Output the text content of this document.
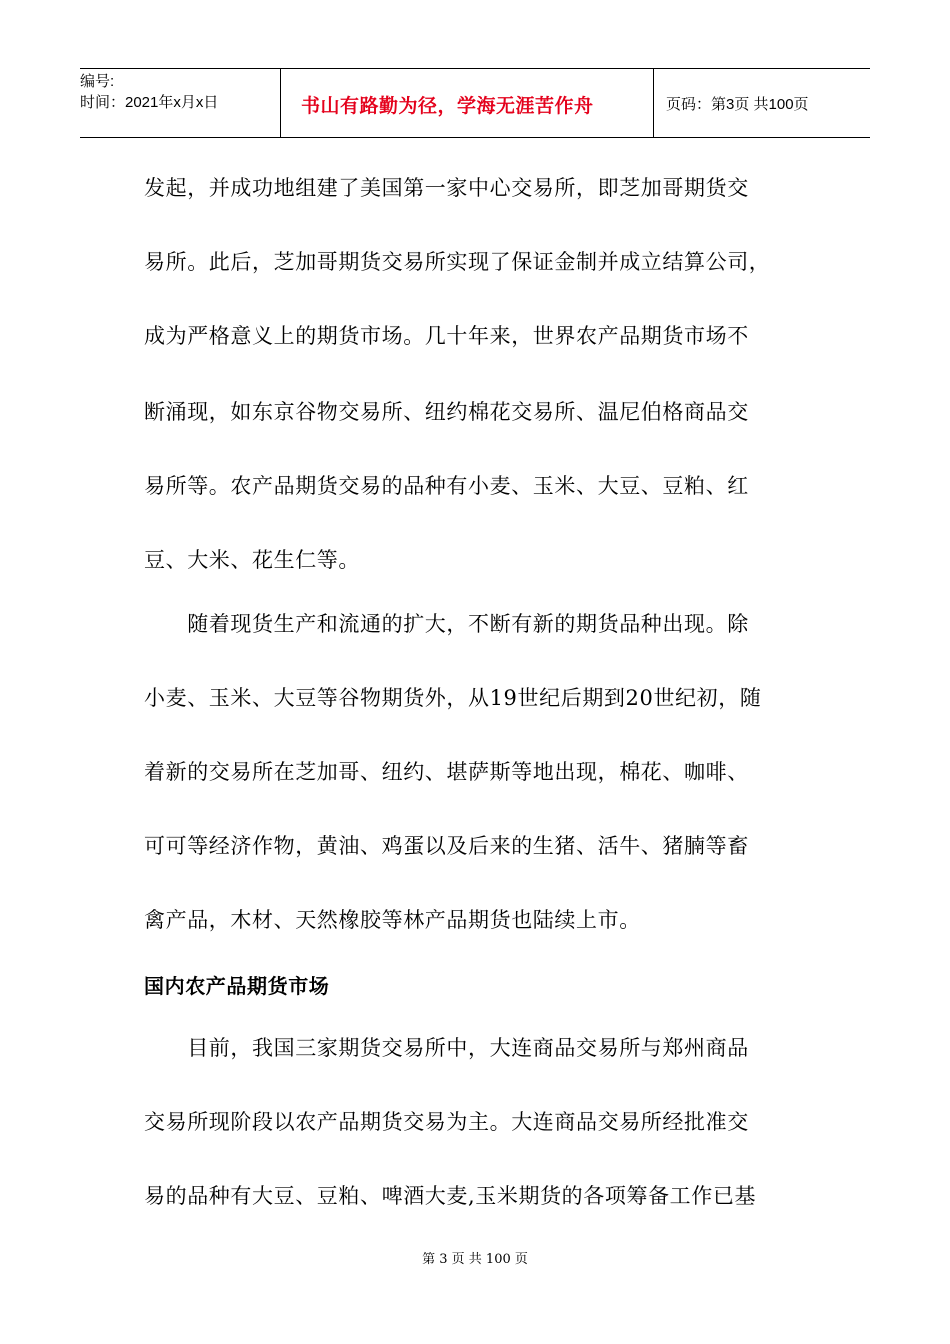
编号:
时间：2021年x月x日	书山有路勤为径，学海无涯苦作舟	页码：第3页 共100页
发起，并成功地组建了美国第一家中心交易所，即芝加哥期货交
易所。此后，芝加哥期货交易所实现了保证金制并成立结算公司，
成为严格意义上的期货市场。几十年来，世界农产品期货市场不
断涌现，如东京谷物交易所、纽约棉花交易所、温尼伯格商品交
易所等。农产品期货交易的品种有小麦、玉米、大豆、豆粕、红
豆、大米、花生仁等。
　　随着现货生产和流通的扩大，不断有新的期货品种出现。除
小麦、玉米、大豆等谷物期货外，从19世纪后期到20世纪初，随
着新的交易所在芝加哥、纽约、堪萨斯等地出现，棉花、咖啡、
可可等经济作物，黄油、鸡蛋以及后来的生猪、活牛、猪腩等畜
禽产品，木材、天然橡胶等林产品期货也陆续上市。
国内农产品期货市场
　　目前，我国三家期货交易所中，大连商品交易所与郑州商品
交易所现阶段以农产品期货交易为主。大连商品交易所经批准交
易的品种有大豆、豆粕、啤酒大麦,玉米期货的各项筹备工作已基
第 3 页 共 100 页
